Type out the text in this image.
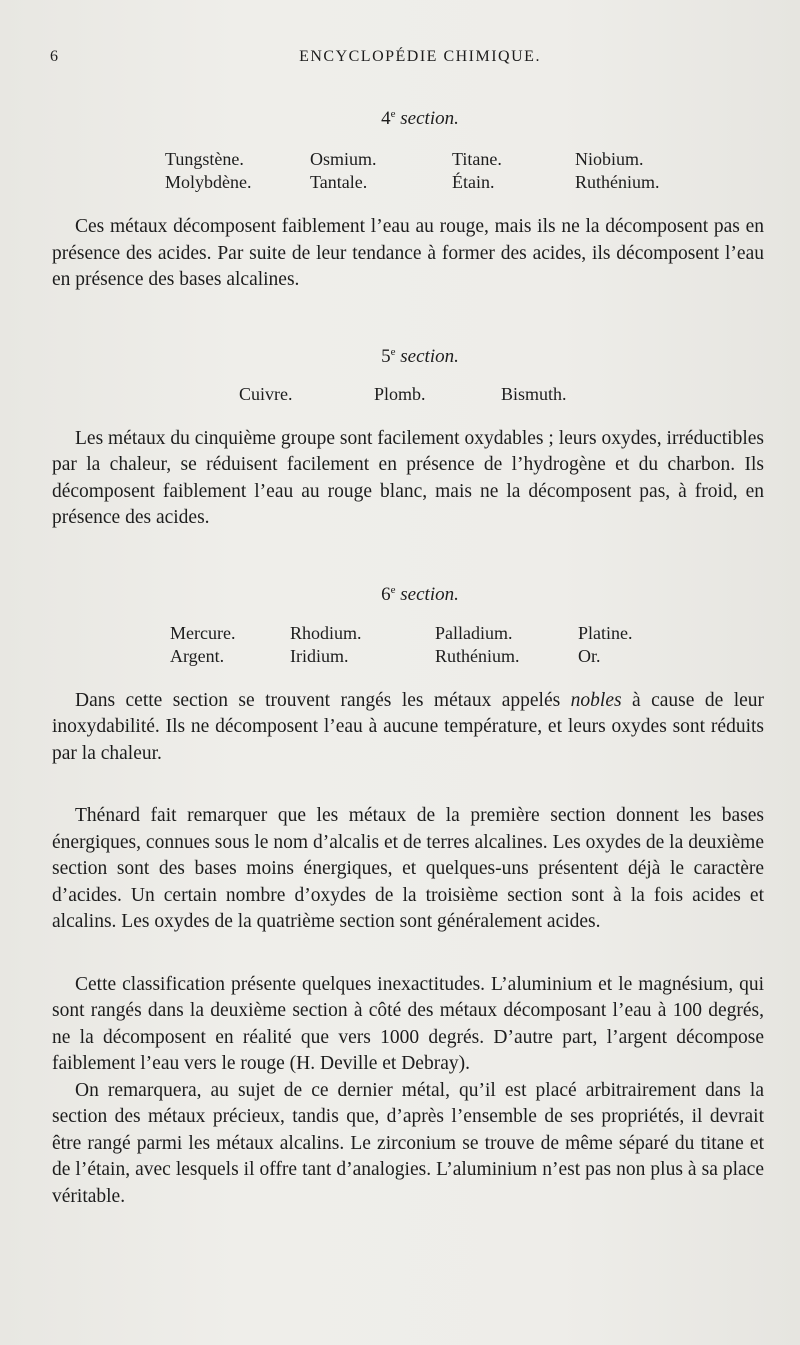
6	ENCYCLOPÉDIE CHIMIQUE.
4e section.
Tungstène.	Osmium.	Titane.	Niobium.
Molybdène.	Tantale.	Étain.	Ruthénium.

Ces métaux décomposent faiblement l’eau au rouge, mais ils ne la décomposent pas en présence des acides. Par suite de leur tendance à former des acides, ils décomposent l’eau en présence des bases alcalines.

5e section.
Cuivre.	Plomb.	Bismuth.

Les métaux du cinquième groupe sont facilement oxydables ; leurs oxydes, irréductibles par la chaleur, se réduisent facilement en présence de l’hydrogène et du charbon. Ils décomposent faiblement l’eau au rouge blanc, mais ne la décomposent pas, à froid, en présence des acides.

6e section.
Mercure.	Rhodium.	Palladium.	Platine.
Argent.	Iridium.	Ruthénium.	Or.

Dans cette section se trouvent rangés les métaux appelés nobles à cause de leur inoxydabilité. Ils ne décomposent l’eau à aucune température, et leurs oxydes sont réduits par la chaleur.

Thénard fait remarquer que les métaux de la première section donnent les bases énergiques, connues sous le nom d’alcalis et de terres alcalines. Les oxydes de la deuxième section sont des bases moins énergiques, et quelques-uns présentent déjà le caractère d’acides. Un certain nombre d’oxydes de la troisième section sont à la fois acides et alcalins. Les oxydes de la quatrième section sont généralement acides.

Cette classification présente quelques inexactitudes. L’aluminium et le magnésium, qui sont rangés dans la deuxième section à côté des métaux décomposant l’eau à 100 degrés, ne la décomposent en réalité que vers 1000 degrés. D’autre part, l’argent décompose faiblement l’eau vers le rouge (H. Deville et Debray).

On remarquera, au sujet de ce dernier métal, qu’il est placé arbitrairement dans la section des métaux précieux, tandis que, d’après l’ensemble de ses propriétés, il devrait être rangé parmi les métaux alcalins. Le zirconium se trouve de même séparé du titane et de l’étain, avec lesquels il offre tant d’analogies. L’aluminium n’est pas non plus à sa place véritable.
